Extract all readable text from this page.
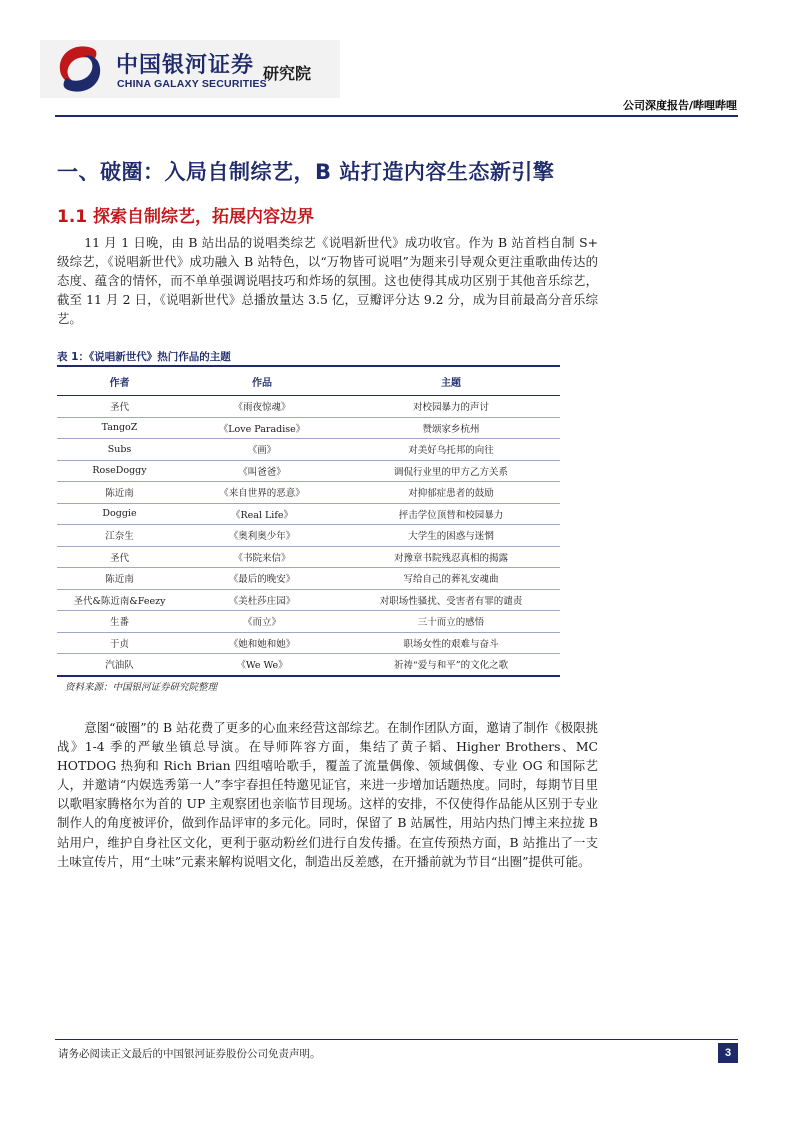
中国银河证券
CHINA GALAXY SECURITIES
研究院
公司深度报告/哔哩哔哩
一、破圈：入局自制综艺，B 站打造内容生态新引擎
1.1 探索自制综艺，拓展内容边界

11 月 1 日晚，由 B 站出品的说唱类综艺《说唱新世代》成功收官。作为 B 站首档自制 S+ 级综艺，《说唱新世代》成功融入 B 站特色，以“万物皆可说唱”为题来引导观众更注重歌曲传达的态度、蕴含的情怀，而不单单强调说唱技巧和炸场的氛围。这也使得其成功区别于其他音乐综艺，截至 11 月 2 日，《说唱新世代》总播放量达 3.5 亿，豆瓣评分达 9.2 分，成为目前最高分音乐综艺。

表 1：《说唱新世代》热门作品的主题
作者	作品	主题
圣代	《雨夜惊魂》	对校园暴力的声讨
TangoZ	《Love Paradise》	赞颂家乡杭州
Subs	《画》	对美好乌托邦的向往
RoseDoggy	《叫爸爸》	调侃行业里的甲方乙方关系
陈近南	《来自世界的恶意》	对抑郁症患者的鼓励
Doggie	《Real Life》	抨击学位顶替和校园暴力
江奈生	《奥利奥少年》	大学生的困惑与迷惘
圣代	《书院来信》	对豫章书院残忍真相的揭露
陈近南	《最后的晚安》	写给自己的葬礼安魂曲
圣代&陈近南&Feezy	《美杜莎庄园》	对职场性骚扰、受害者有罪的谴责
生番	《而立》	三十而立的感悟
于贞	《她和她和她》	职场女性的艰难与奋斗
汽油队	《We We》	祈祷“爱与和平”的文化之歌
资料来源：中国银河证券研究院整理

意图“破圈”的 B 站花费了更多的心血来经营这部综艺。在制作团队方面，邀请了制作《极限挑战》1-4 季的严敏坐镇总导演。在导师阵容方面，集结了黄子韬、Higher Brothers、MC HOTDOG 热狗和 Rich Brian 四组嘻哈歌手，覆盖了流量偶像、领域偶像、专业 OG 和国际艺人，并邀请“内娱选秀第一人”李宇春担任特邀见证官，来进一步增加话题热度。同时，每期节目里以歌唱家腾格尔为首的 UP 主观察团也亲临节目现场。这样的安排，不仅使得作品能从区别于专业制作人的角度被评价，做到作品评审的多元化。同时，保留了 B 站属性，用站内热门博主来拉拢 B 站用户，维护自身社区文化，更利于驱动粉丝们进行自发传播。在宣传预热方面，B 站推出了一支土味宣传片，用“土味”元素来解构说唱文化，制造出反差感，在开播前就为节目“出圈”提供可能。

请务必阅读正文最后的中国银河证券股份公司免责声明。	3
